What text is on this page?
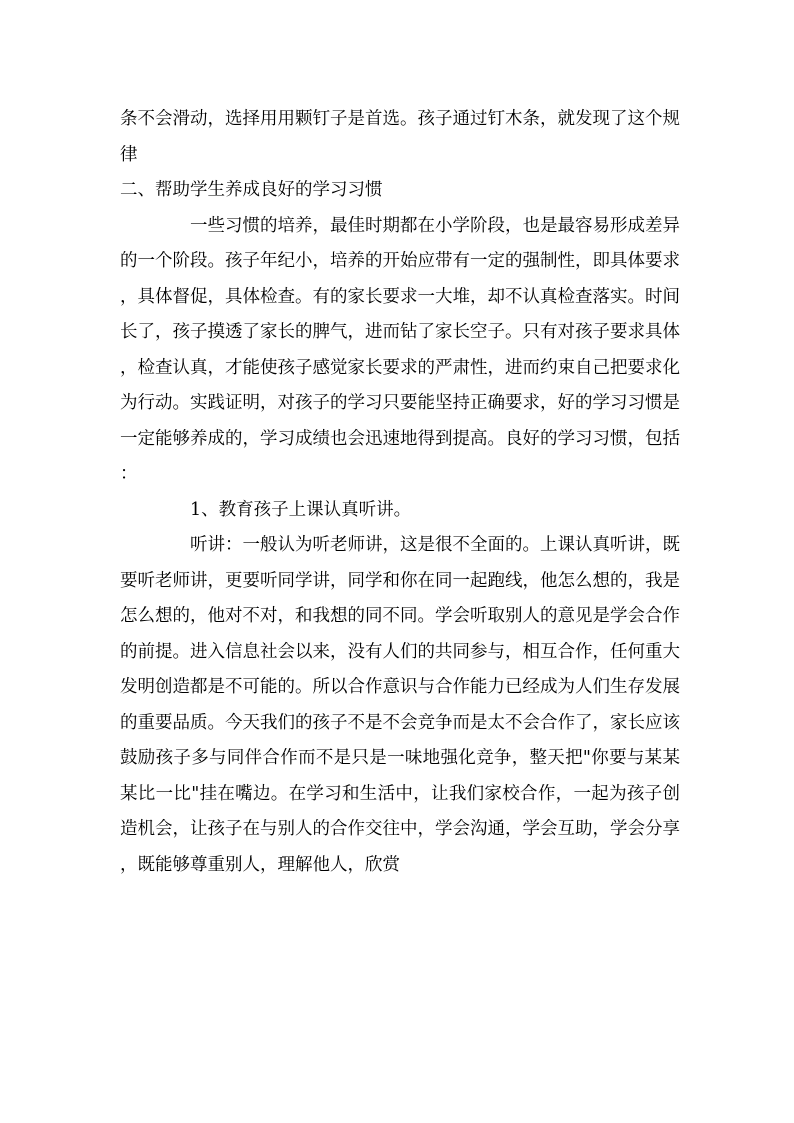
条不会滑动，选择用用颗钉子是首选。孩子通过钉木条，就发现了这个规律

二、帮助学生养成良好的学习习惯

一些习惯的培养，最佳时期都在小学阶段，也是最容易形成差异的一个阶段。孩子年纪小，培养的开始应带有一定的强制性，即具体要求，具体督促，具体检查。有的家长要求一大堆，却不认真检查落实。时间长了，孩子摸透了家长的脾气，进而钻了家长空子。只有对孩子要求具体，检查认真，才能使孩子感觉家长要求的严肃性，进而约束自己把要求化为行动。实践证明，对孩子的学习只要能坚持正确要求，好的学习习惯是一定能够养成的，学习成绩也会迅速地得到提高。良好的学习习惯，包括：

1、教育孩子上课认真听讲。

听讲：一般认为听老师讲，这是很不全面的。上课认真听讲，既要听老师讲，更要听同学讲，同学和你在同一起跑线，他怎么想的，我是怎么想的，他对不对，和我想的同不同。学会听取别人的意见是学会合作的前提。进入信息社会以来，没有人们的共同参与，相互合作，任何重大发明创造都是不可能的。所以合作意识与合作能力已经成为人们生存发展的重要品质。今天我们的孩子不是不会竞争而是太不会合作了，家长应该鼓励孩子多与同伴合作而不是只是一味地强化竞争，整天把"你要与某某某比一比"挂在嘴边。在学习和生活中，让我们家校合作，一起为孩子创造机会，让孩子在与别人的合作交往中，学会沟通，学会互助，学会分享，既能够尊重别人，理解他人，欣赏
